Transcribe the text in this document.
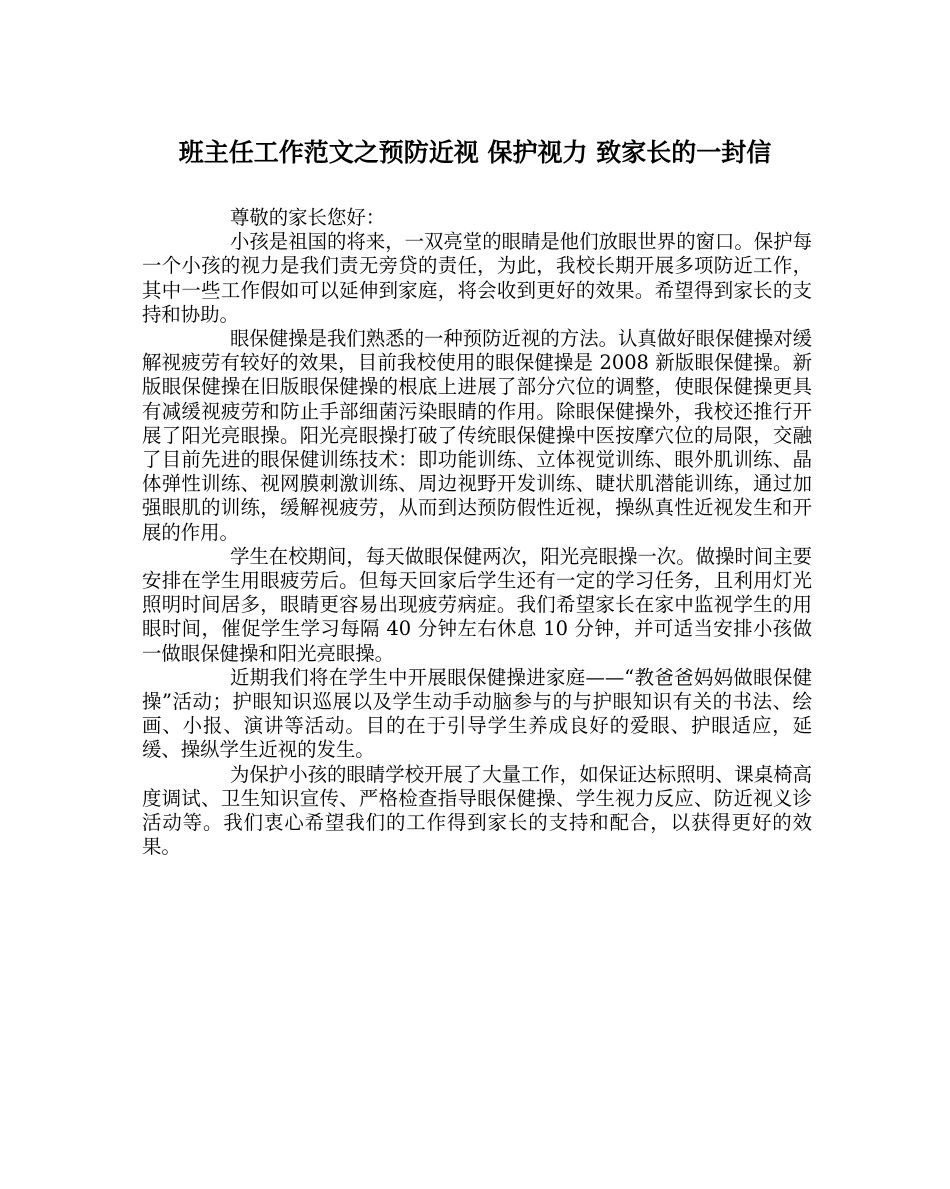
班主任工作范文之预防近视 保护视力 致家长的一封信

尊敬的家长您好：

小孩是祖国的将来，一双亮堂的眼睛是他们放眼世界的窗口。保护每一个小孩的视力是我们责无旁贷的责任，为此，我校长期开展多项防近工作，其中一些工作假如可以延伸到家庭，将会收到更好的效果。希望得到家长的支持和协助。

眼保健操是我们熟悉的一种预防近视的方法。认真做好眼保健操对缓解视疲劳有较好的效果，目前我校使用的眼保健操是 2008 新版眼保健操。新版眼保健操在旧版眼保健操的根底上进展了部分穴位的调整，使眼保健操更具有减缓视疲劳和防止手部细菌污染眼睛的作用。除眼保健操外，我校还推行开展了阳光亮眼操。阳光亮眼操打破了传统眼保健操中医按摩穴位的局限，交融了目前先进的眼保健训练技术：即功能训练、立体视觉训练、眼外肌训练、晶体弹性训练、视网膜刺激训练、周边视野开发训练、睫状肌潜能训练，通过加强眼肌的训练，缓解视疲劳，从而到达预防假性近视，操纵真性近视发生和开展的作用。

学生在校期间，每天做眼保健两次，阳光亮眼操一次。做操时间主要安排在学生用眼疲劳后。但每天回家后学生还有一定的学习任务，且利用灯光照明时间居多，眼睛更容易出现疲劳病症。我们希望家长在家中监视学生的用眼时间，催促学生学习每隔 40 分钟左右休息 10 分钟，并可适当安排小孩做一做眼保健操和阳光亮眼操。

近期我们将在学生中开展眼保健操进家庭——“教爸爸妈妈做眼保健操”活动；护眼知识巡展以及学生动手动脑参与的与护眼知识有关的书法、绘画、小报、演讲等活动。目的在于引导学生养成良好的爱眼、护眼适应，延缓、操纵学生近视的发生。

为保护小孩的眼睛学校开展了大量工作，如保证达标照明、课桌椅高度调试、卫生知识宣传、严格检查指导眼保健操、学生视力反应、防近视义诊活动等。我们衷心希望我们的工作得到家长的支持和配合，以获得更好的效果。
